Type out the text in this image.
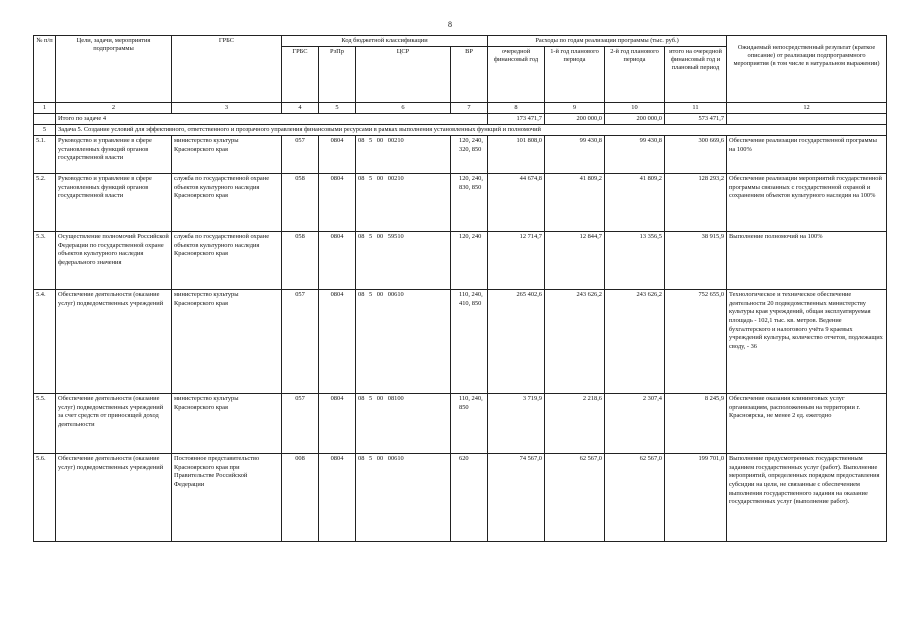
8
№ п/п	Цели, задачи, мероприятия подпрограммы	ГРБС	Код бюджетной классификации				Расходы по годам реализации программы (тыс. руб.)				Ожидаемый непосредственный результат (краткое описание) от реализации подпрограммного мероприятия (в том числе в натуральном выражении)
			ГРБС	РзПр	ЦСР	ВР	очередной финансовый год	1-й год планового периода	2-й год планового периода	итого на очередной финансовый год и плановый период	
1	2	3	4	5	6	7	8	9	10	11	12
	Итого по задаче 4						173 471,7	200 000,0	200 000,0	573 471,7	
5	Задача 5. Создание условий для эффективного, ответственного и прозрачного управления финансовыми ресурсами в рамках выполнения установленных функций и полномочий										
5.1.	Руководство и управление в сфере установленных функций органов государственной власти	министерство культуры Красноярского края	057	0804	08 5 00 00210	120, 240, 320, 850	101 808,0	99 430,8	99 430,8	300 669,6	Обеспечение реализации государственной программы на 100%
5.2.	Руководство и управление в сфере установленных функций органов государственной власти	служба по государственной охране объектов культурного наследия Красноярского края	058	0804	08 5 00 00210	120, 240, 830, 850	44 674,8	41 809,2	41 809,2	128 293,2	Обеспечение реализации мероприятий государственной программы связанных с государственной охраной и сохранением объектов культурного наследия на 100%
5.3.	Осуществление полномочий Российской Федерации по государственной охране объектов культурного наследия федерального значения	служба по государственной охране объектов культурного наследия Красноярского края	058	0804	08 5 00 59510	120, 240	12 714,7	12 844,7	13 356,5	38 915,9	Выполнение полномочий на 100%
5.4.	Обеспечение деятельности (оказание услуг) подведомственных учреждений	министерство культуры Красноярского края	057	0804	08 5 00 00610	110, 240, 410, 850	265 402,6	243 626,2	243 626,2	752 655,0	Технологическое и техническое обеспечение деятельности 20 подведомственных министерству культуры края учреждений, общая эксплуатируемая площадь - 102,1 тыс. кв. метров. Ведение бухгалтерского и налогового учёта 9 краевых учреждений культуры, количество отчетов, подлежащих своду, - 36
5.5.	Обеспечение деятельности (оказание услуг) подведомственных учреждений за счет средств от приносящей доход деятельности	министерство культуры Красноярского края	057	0804	08 5 00 08100	110, 240, 850	3 719,9	2 218,6	2 307,4	8 245,9	Обеспечение оказания клининговых услуг организациям, расположенным на территории г. Красноярска, не менее 2 ед. ежегодно
5.6.	Обеспечение деятельности (оказание услуг) подведомственных учреждений	Постоянное представительство Красноярского края при Правительстве Российской Федерации	008	0804	08 5 00 00610	620	74 567,0	62 567,0	62 567,0	199 701,0	Выполнение предусмотренных государственным заданием государственных услуг (работ). Выполнение мероприятий, определенных порядком предоставления субсидии на цели, не связанные с обеспечением выполнения государственного задания на оказание государственных услуг (выполнение работ).
